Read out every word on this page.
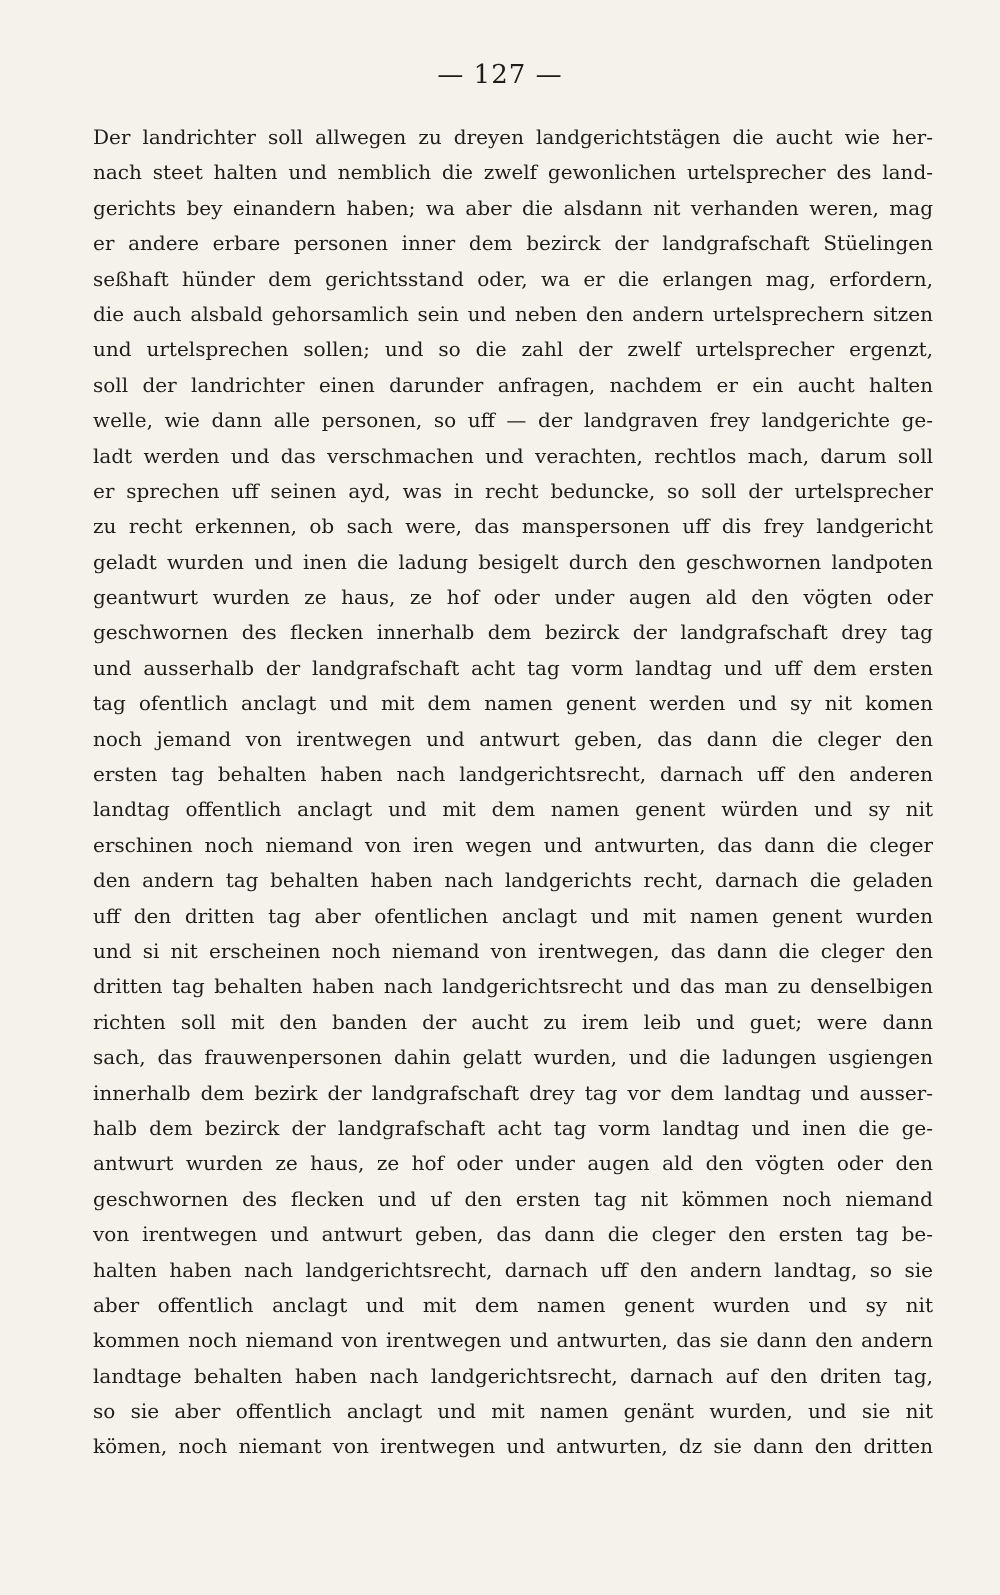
— 127 —
Der landrichter soll allwegen zu dreyen landgerichtstägen die aucht wie her-
nach steet halten und nemblich die zwelf gewonlichen urtelsprecher des land-
gerichts bey einandern haben; wa aber die alsdann nit verhanden weren, mag
er andere erbare personen inner dem bezirck der landgrafschaft Stüelingen
seßhaft hünder dem gerichtsstand oder, wa er die erlangen mag, erfordern,
die auch alsbald gehorsamlich sein und neben den andern urtelsprechern sitzen
und urtelsprechen sollen; und so die zahl der zwelf urtelsprecher ergenzt,
soll der landrichter einen darunder anfragen, nachdem er ein aucht halten
welle, wie dann alle personen, so uff — der landgraven frey landgerichte ge-
ladt werden und das verschmachen und verachten, rechtlos mach, darum soll
er sprechen uff seinen ayd, was in recht beduncke, so soll der urtelsprecher
zu recht erkennen, ob sach were, das manspersonen uff dis frey landgericht
geladt wurden und inen die ladung besigelt durch den geschwornen landpoten
geantwurt wurden ze haus, ze hof oder under augen ald den vögten oder
geschwornen des flecken innerhalb dem bezirck der landgrafschaft drey tag
und ausserhalb der landgrafschaft acht tag vorm landtag und uff dem ersten
tag ofentlich anclagt und mit dem namen genent werden und sy nit komen
noch jemand von irentwegen und antwurt geben, das dann die cleger den
ersten tag behalten haben nach landgerichtsrecht, darnach uff den anderen
landtag offentlich anclagt und mit dem namen genent würden und sy nit
erschinen noch niemand von iren wegen und antwurten, das dann die cleger
den andern tag behalten haben nach landgerichts recht, darnach die geladen
uff den dritten tag aber ofentlichen anclagt und mit namen genent wurden
und si nit erscheinen noch niemand von irentwegen, das dann die cleger den
dritten tag behalten haben nach landgerichtsrecht und das man zu denselbigen
richten soll mit den banden der aucht zu irem leib und guet; were dann
sach, das frauwenpersonen dahin gelatt wurden, und die ladungen usgiengen
innerhalb dem bezirk der landgrafschaft drey tag vor dem landtag und ausser-
halb dem bezirck der landgrafschaft acht tag vorm landtag und inen die ge-
antwurt wurden ze haus, ze hof oder under augen ald den vögten oder den
geschwornen des flecken und uf den ersten tag nit kömmen noch niemand
von irentwegen und antwurt geben, das dann die cleger den ersten tag be-
halten haben nach landgerichtsrecht, darnach uff den andern landtag, so sie
aber offentlich anclagt und mit dem namen genent wurden und sy nit
kommen noch niemand von irentwegen und antwurten, das sie dann den andern
landtage behalten haben nach landgerichtsrecht, darnach auf den driten tag,
so sie aber offentlich anclagt und mit namen genänt wurden, und sie nit
kömen, noch niemant von irentwegen und antwurten, dz sie dann den dritten
